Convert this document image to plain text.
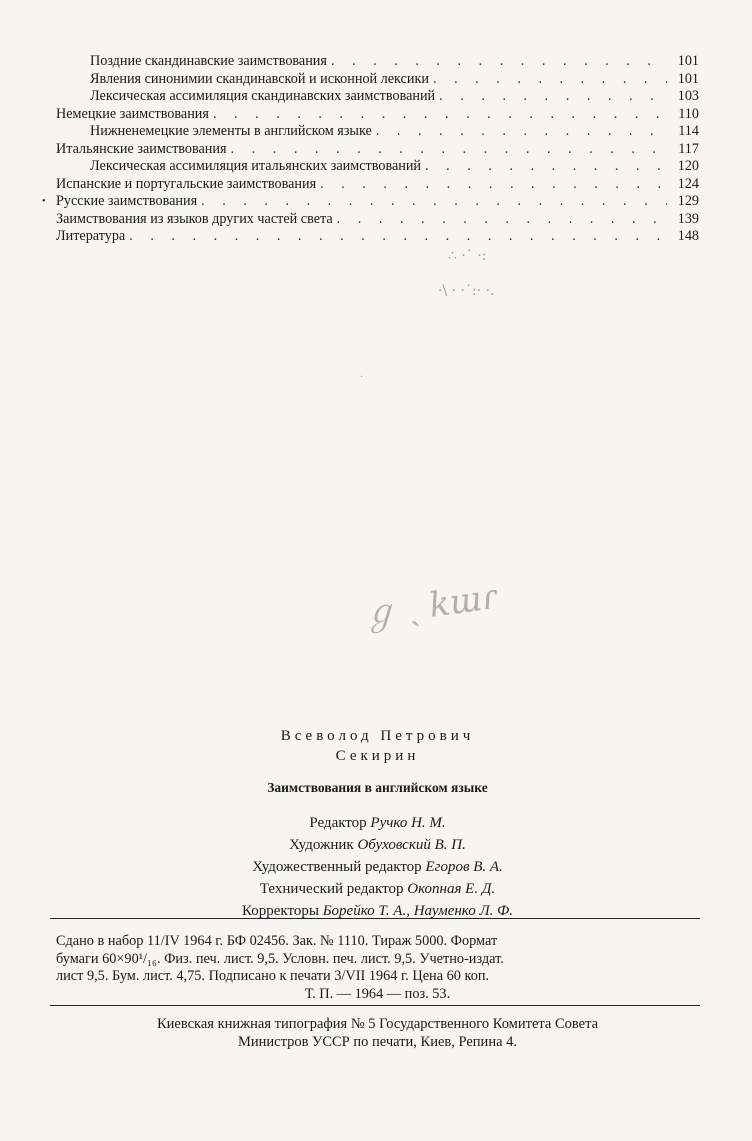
Поздние скандинавские заимствования . . .	101
Явления синонимии скандинавской и исконной лексики . . .	101
Лексическая ассимиляция скандинавских заимствований . . .	103
Немецкие заимствования . . .	110
Нижненемецкие элементы в английском языке . . .	114
Итальянские заимствования . . .	117
Лексическая ассимиляция итальянских заимствований . . .	120
Испанские и португальские заимствования . . .	124
Русские заимствования . . .	129
Заимствования из языков других частей света . . .	139
Литература . . .	148
•
∴ ·˙ ·:
·\ · ·˙:· ·.
·
ℊ ˎ kɯɾ
Всеволод Петрович
Секирин
Заимствования в английском языке
Редактор Ручко Н. М.
Художник Обуховский В. П.
Художественный редактор Егоров В. А.
Технический редактор Окопная Е. Д.
Корректоры Борейко Т. А., Науменко Л. Ф.
Сдано в набор 11/IV 1964 г. БФ 02456. Зак. № 1110. Тираж 5000. Формат
бумаги 60×90¹/₁₆. Физ. печ. лист. 9,5. Условн. печ. лист. 9,5. Учетно-издат.
лист 9,5. Бум. лист. 4,75. Подписано к печати 3/VII 1964 г. Цена 60 коп.
Т. П. — 1964 — поз. 53.
Киевская книжная типография № 5 Государственного Комитета Совета
Министров УССР по печати, Киев, Репина 4.
